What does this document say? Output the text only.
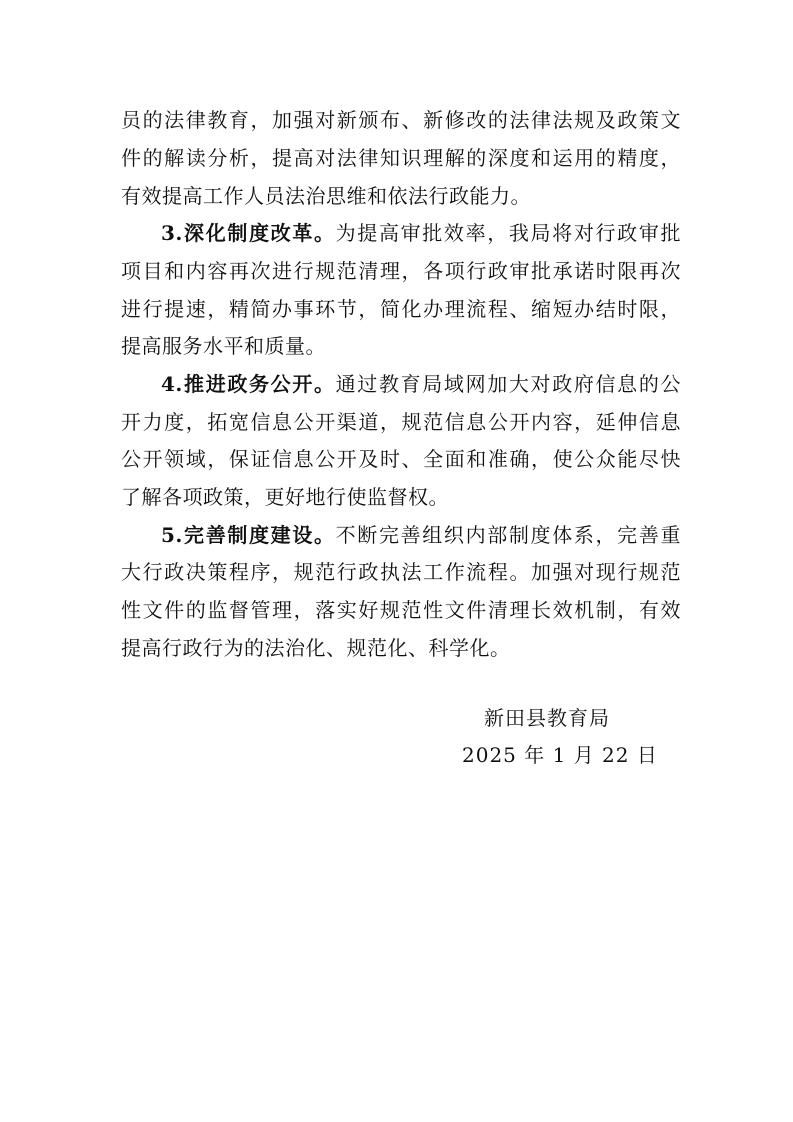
员的法律教育，加强对新颁布、新修改的法律法规及政策文
件的解读分析，提高对法律知识理解的深度和运用的精度，
有效提高工作人员法治思维和依法行政能力。
3.深化制度改革。为提高审批效率，我局将对行政审批
项目和内容再次进行规范清理，各项行政审批承诺时限再次
进行提速，精简办事环节，简化办理流程、缩短办结时限，
提高服务水平和质量。
4.推进政务公开。通过教育局域网加大对政府信息的公
开力度，拓宽信息公开渠道，规范信息公开内容，延伸信息
公开领域，保证信息公开及时、全面和准确，使公众能尽快
了解各项政策，更好地行使监督权。
5.完善制度建设。不断完善组织内部制度体系，完善重
大行政决策程序，规范行政执法工作流程。加强对现行规范
性文件的监督管理，落实好规范性文件清理长效机制，有效
提高行政行为的法治化、规范化、科学化。
新田县教育局
2025 年 1 月 22 日
